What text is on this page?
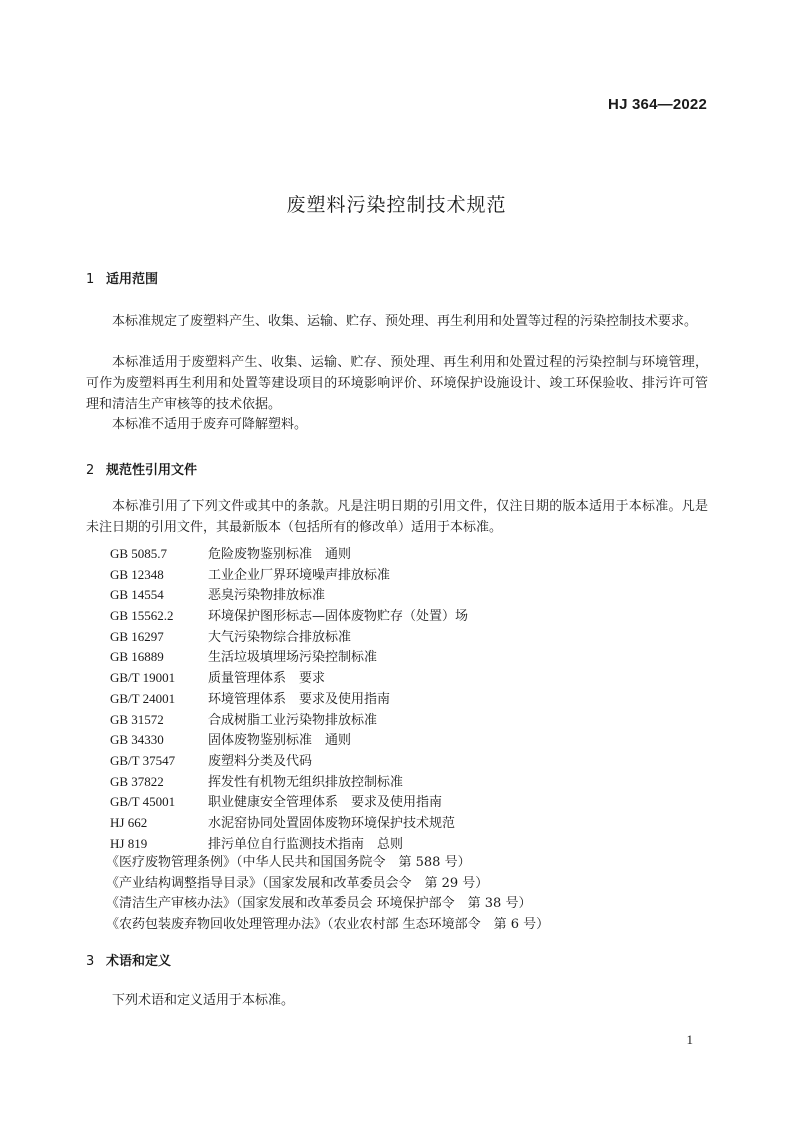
HJ 364—2022
废塑料污染控制技术规范
1 适用范围

本标准规定了废塑料产生、收集、运输、贮存、预处理、再生利用和处置等过程的污染控制技术要求。

本标准适用于废塑料产生、收集、运输、贮存、预处理、再生利用和处置过程的污染控制与环境管理，可作为废塑料再生利用和处置等建设项目的环境影响评价、环境保护设施设计、竣工环保验收、排污许可管理和清洁生产审核等的技术依据。

本标准不适用于废弃可降解塑料。

2 规范性引用文件

本标准引用了下列文件或其中的条款。凡是注明日期的引用文件，仅注日期的版本适用于本标准。凡是未注日期的引用文件，其最新版本（包括所有的修改单）适用于本标准。

GB 5085.7	危险废物鉴别标准　通则
GB 12348	工业企业厂界环境噪声排放标准
GB 14554	恶臭污染物排放标准
GB 15562.2	环境保护图形标志—固体废物贮存（处置）场
GB 16297	大气污染物综合排放标准
GB 16889	生活垃圾填埋场污染控制标准
GB/T 19001	质量管理体系　要求
GB/T 24001	环境管理体系　要求及使用指南
GB 31572	合成树脂工业污染物排放标准
GB 34330	固体废物鉴别标准　通则
GB/T 37547	废塑料分类及代码
GB 37822	挥发性有机物无组织排放控制标准
GB/T 45001	职业健康安全管理体系　要求及使用指南
HJ 662	水泥窑协同处置固体废物环境保护技术规范
HJ 819	排污单位自行监测技术指南　总则
《医疗废物管理条例》（中华人民共和国国务院令　第 588 号）
《产业结构调整指导目录》（国家发展和改革委员会令　第 29 号）
《清洁生产审核办法》（国家发展和改革委员会 环境保护部令　第 38 号）
《农药包装废弃物回收处理管理办法》（农业农村部 生态环境部令　第 6 号）
3 术语和定义

下列术语和定义适用于本标准。

1
